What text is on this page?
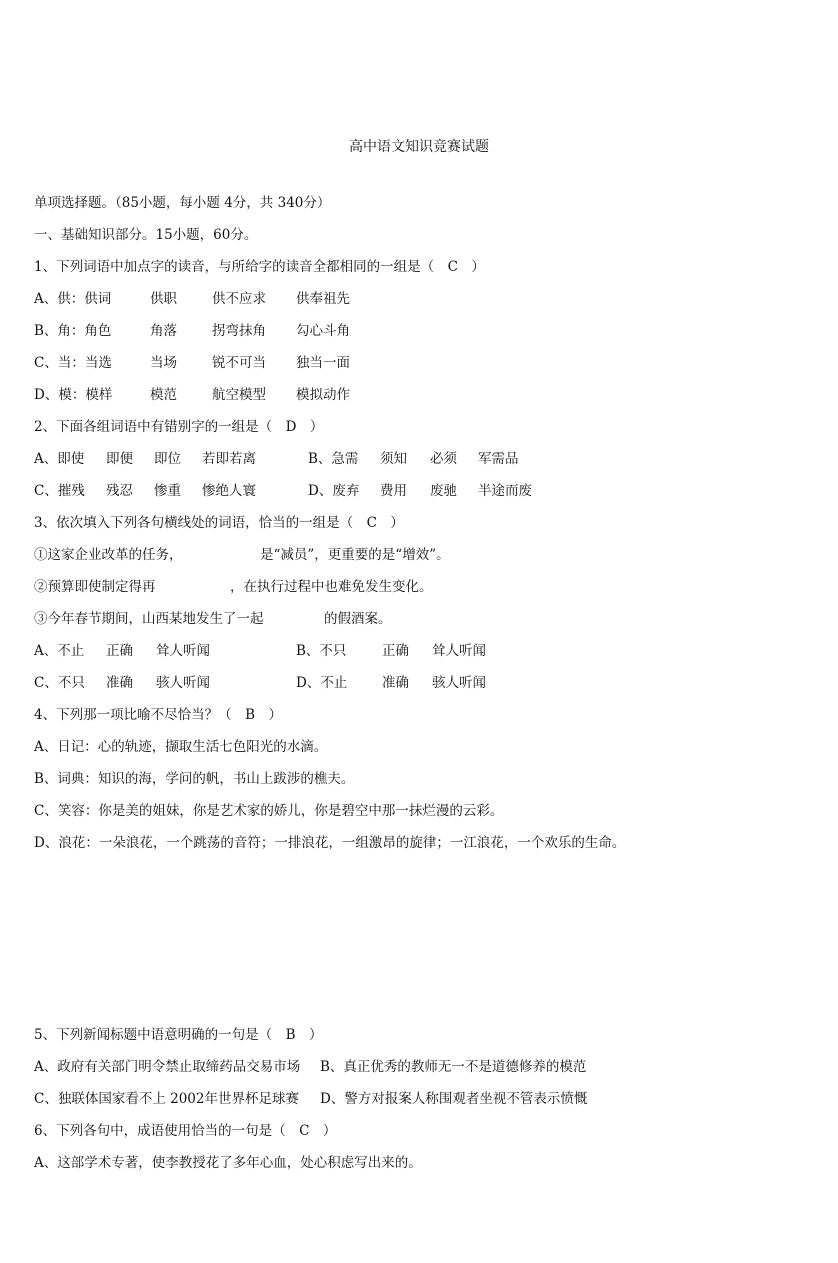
高中语文知识竞赛试题
单项选择题。（85小题，每小题 4分，共 340分）
一、基础知识部分。15小题，60分。
1、下列词语中加点字的读音，与所给字的读音全都相同的一组是（　C　）
A、供：供词	供职	供不应求 供奉祖先
B、角：角色	角落	拐弯抹角 勾心斗角
C、当：当选	当场	锐不可当 独当一面
D、模：模样	模范	航空模型 模拟动作
2、下面各组词语中有错别字的一组是（　D　）
A、即使 即便 即位 若即若离	B、急需 须知 必须 军需品
C、摧残 残忍 惨重 惨绝人寰	D、废弃 费用 废驰 半途而废
3、依次填入下列各句横线处的词语，恰当的一组是（　C　）
①这家企业改革的任务，	是“减员”，更重要的是“增效”。
②预算即使制定得再	，在执行过程中也难免发生变化。
③今年春节期间，山西某地发生了一起	的假酒案。
A、不止 正确 耸人听闻	B、不只	正确 耸人听闻
C、不只 准确 骇人听闻	D、不止	准确 骇人听闻
4、下列那一项比喻不尽恰当？（　B　）
A、日记：心的轨迹，撷取生活七色阳光的水滴。
B、词典：知识的海，学问的帆，书山上跋涉的樵夫。
C、笑容：你是美的姐妹，你是艺术家的娇儿，你是碧空中那一抹烂漫的云彩。
D、浪花：一朵浪花，一个跳荡的音符；一排浪花，一组激昂的旋律；一江浪花，一个欢乐的生命。
5、下列新闻标题中语意明确的一句是（　B　）
A、政府有关部门明令禁止取缔药品交易市场 B、真正优秀的教师无一不是道德修养的模范
C、独联体国家看不上 2002年世界杯足球赛 D、警方对报案人称围观者坐视不管表示愤慨
6、下列各句中，成语使用恰当的一句是（　C　）
A、这部学术专著，使李教授花了多年心血，处心积虑写出来的。
